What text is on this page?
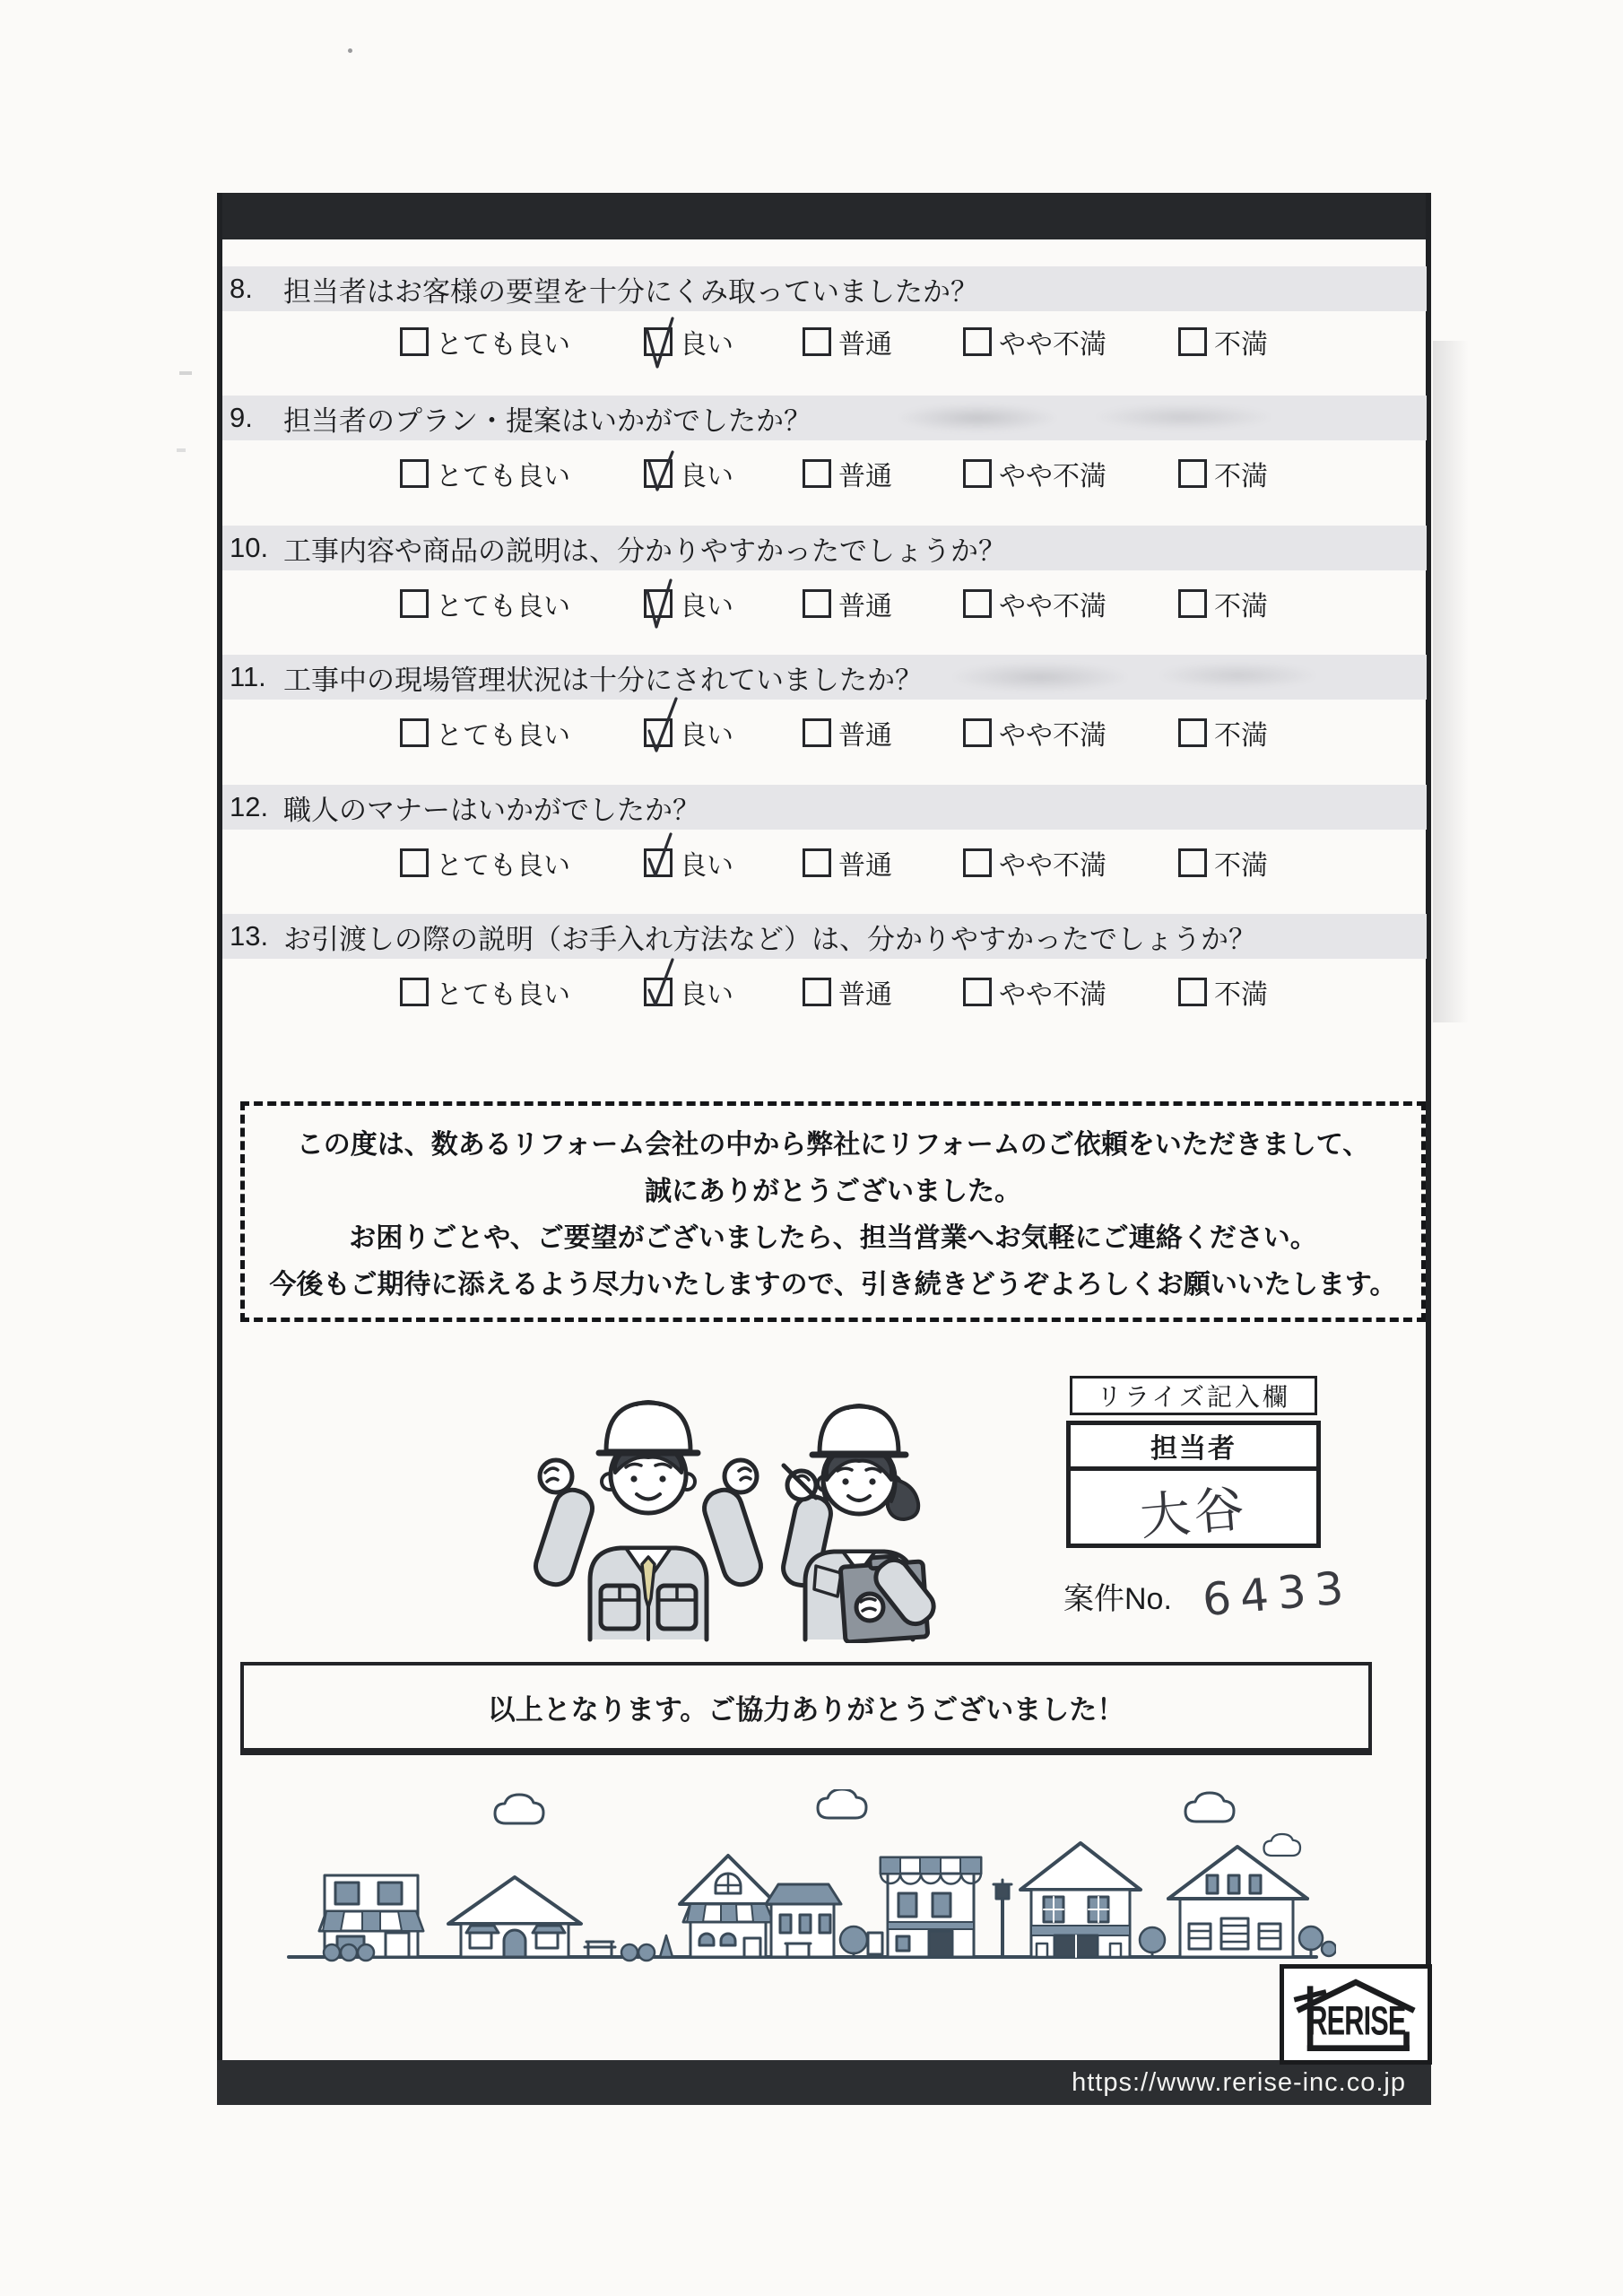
8.	担当者はお客様の要望を十分にくみ取っていましたか？
とても良い	良い	普通	やや不満	不満
9.	担当者のプラン・提案はいかがでしたか？
とても良い	良い	普通	やや不満	不満
10. 工事内容や商品の説明は、分かりやすかったでしょうか？
とても良い	良い	普通	やや不満	不満
11. 工事中の現場管理状況は十分にされていましたか？
とても良い	良い	普通	やや不満	不満
12. 職人のマナーはいかがでしたか？
とても良い	良い	普通	やや不満	不満
13. お引渡しの際の説明（お手入れ方法など）は、分かりやすかったでしょうか？
とても良い	良い	普通	やや不満	不満
この度は、数あるリフォーム会社の中から弊社にリフォームのご依頼をいただきまして、
誠にありがとうございました。
お困りごとや、ご要望がございましたら、担当営業へお気軽にご連絡ください。
今後もご期待に添えるよう尽力いたしますので、引き続きどうぞよろしくお願いいたします。
リライズ記入欄
担当者
大谷
案件No. 6433
以上となります。ご協力ありがとうございました！
RERISE
https://www.rerise-inc.co.jp
